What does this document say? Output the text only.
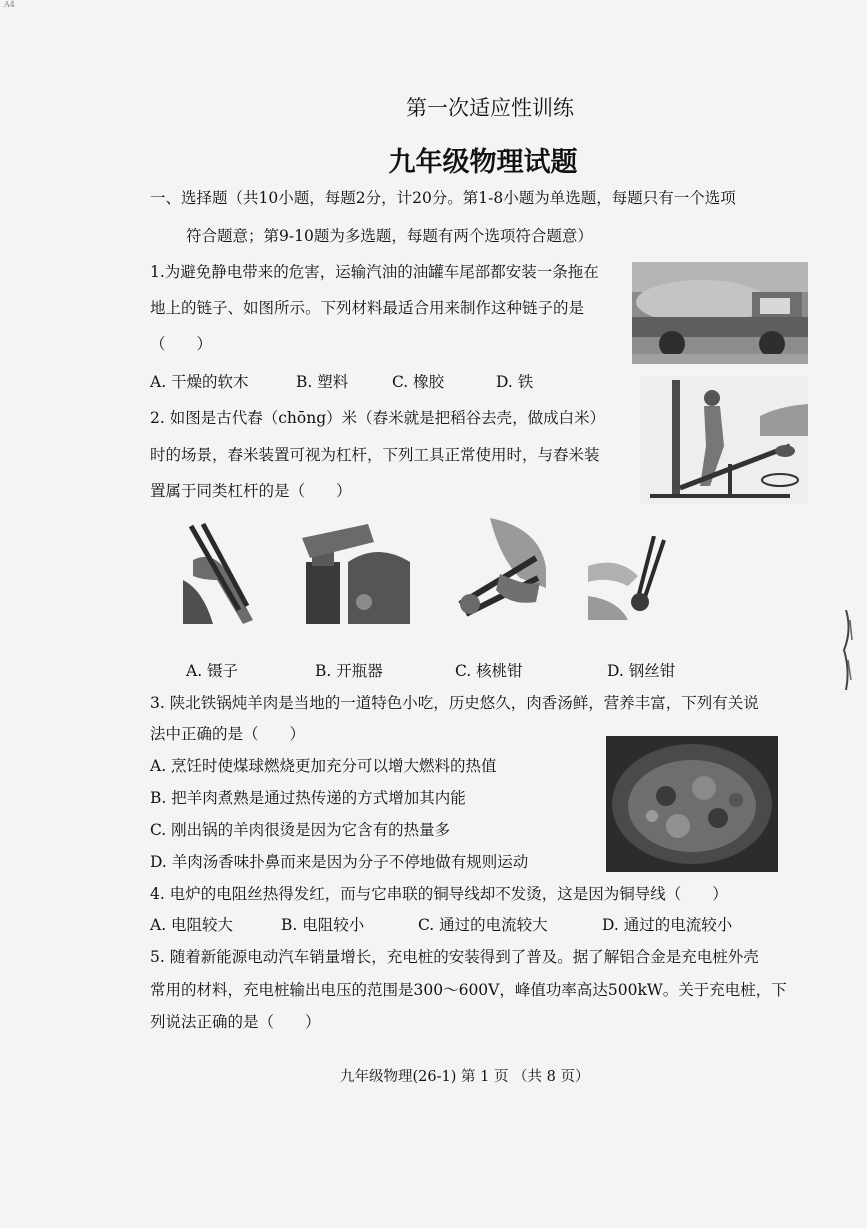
A4
第一次适应性训练
九年级物理试题
一、选择题（共10小题，每题2分，计20分。第1-8小题为单选题，每题只有一个选项
符合题意；第9-10题为多选题，每题有两个选项符合题意）
1.为避免静电带来的危害，运输汽油的油罐车尾部都安装一条拖在
地上的链子、如图所示。下列材料最适合用来制作这种链子的是
（　　）
A. 干燥的软木	B. 塑料	C. 橡胶	D. 铁
2. 如图是古代舂（chōng）米（舂米就是把稻谷去壳，做成白米）
时的场景，舂米装置可视为杠杆，下列工具正常使用时，与舂米装
置属于同类杠杆的是（　　）
A. 镊子	B. 开瓶器	C. 核桃钳	D. 钢丝钳
3. 陕北铁锅炖羊肉是当地的一道特色小吃，历史悠久，肉香汤鲜，营养丰富，下列有关说
法中正确的是（　　）
A. 烹饪时使煤球燃烧更加充分可以增大燃料的热值
B. 把羊肉煮熟是通过热传递的方式增加其内能
C. 刚出锅的羊肉很烫是因为它含有的热量多
D. 羊肉汤香味扑鼻而来是因为分子不停地做有规则运动
4. 电炉的电阻丝热得发红，而与它串联的铜导线却不发烫，这是因为铜导线（　　）
A. 电阻较大	B. 电阻较小	C. 通过的电流较大	D. 通过的电流较小
5. 随着新能源电动汽车销量增长，充电桩的安装得到了普及。据了解铝合金是充电桩外壳
常用的材料，充电桩输出电压的范围是300～600V，峰值功率高达500kW。关于充电桩，下
列说法正确的是（　　）
九年级物理(26-1) 第 1 页 （共 8 页）
